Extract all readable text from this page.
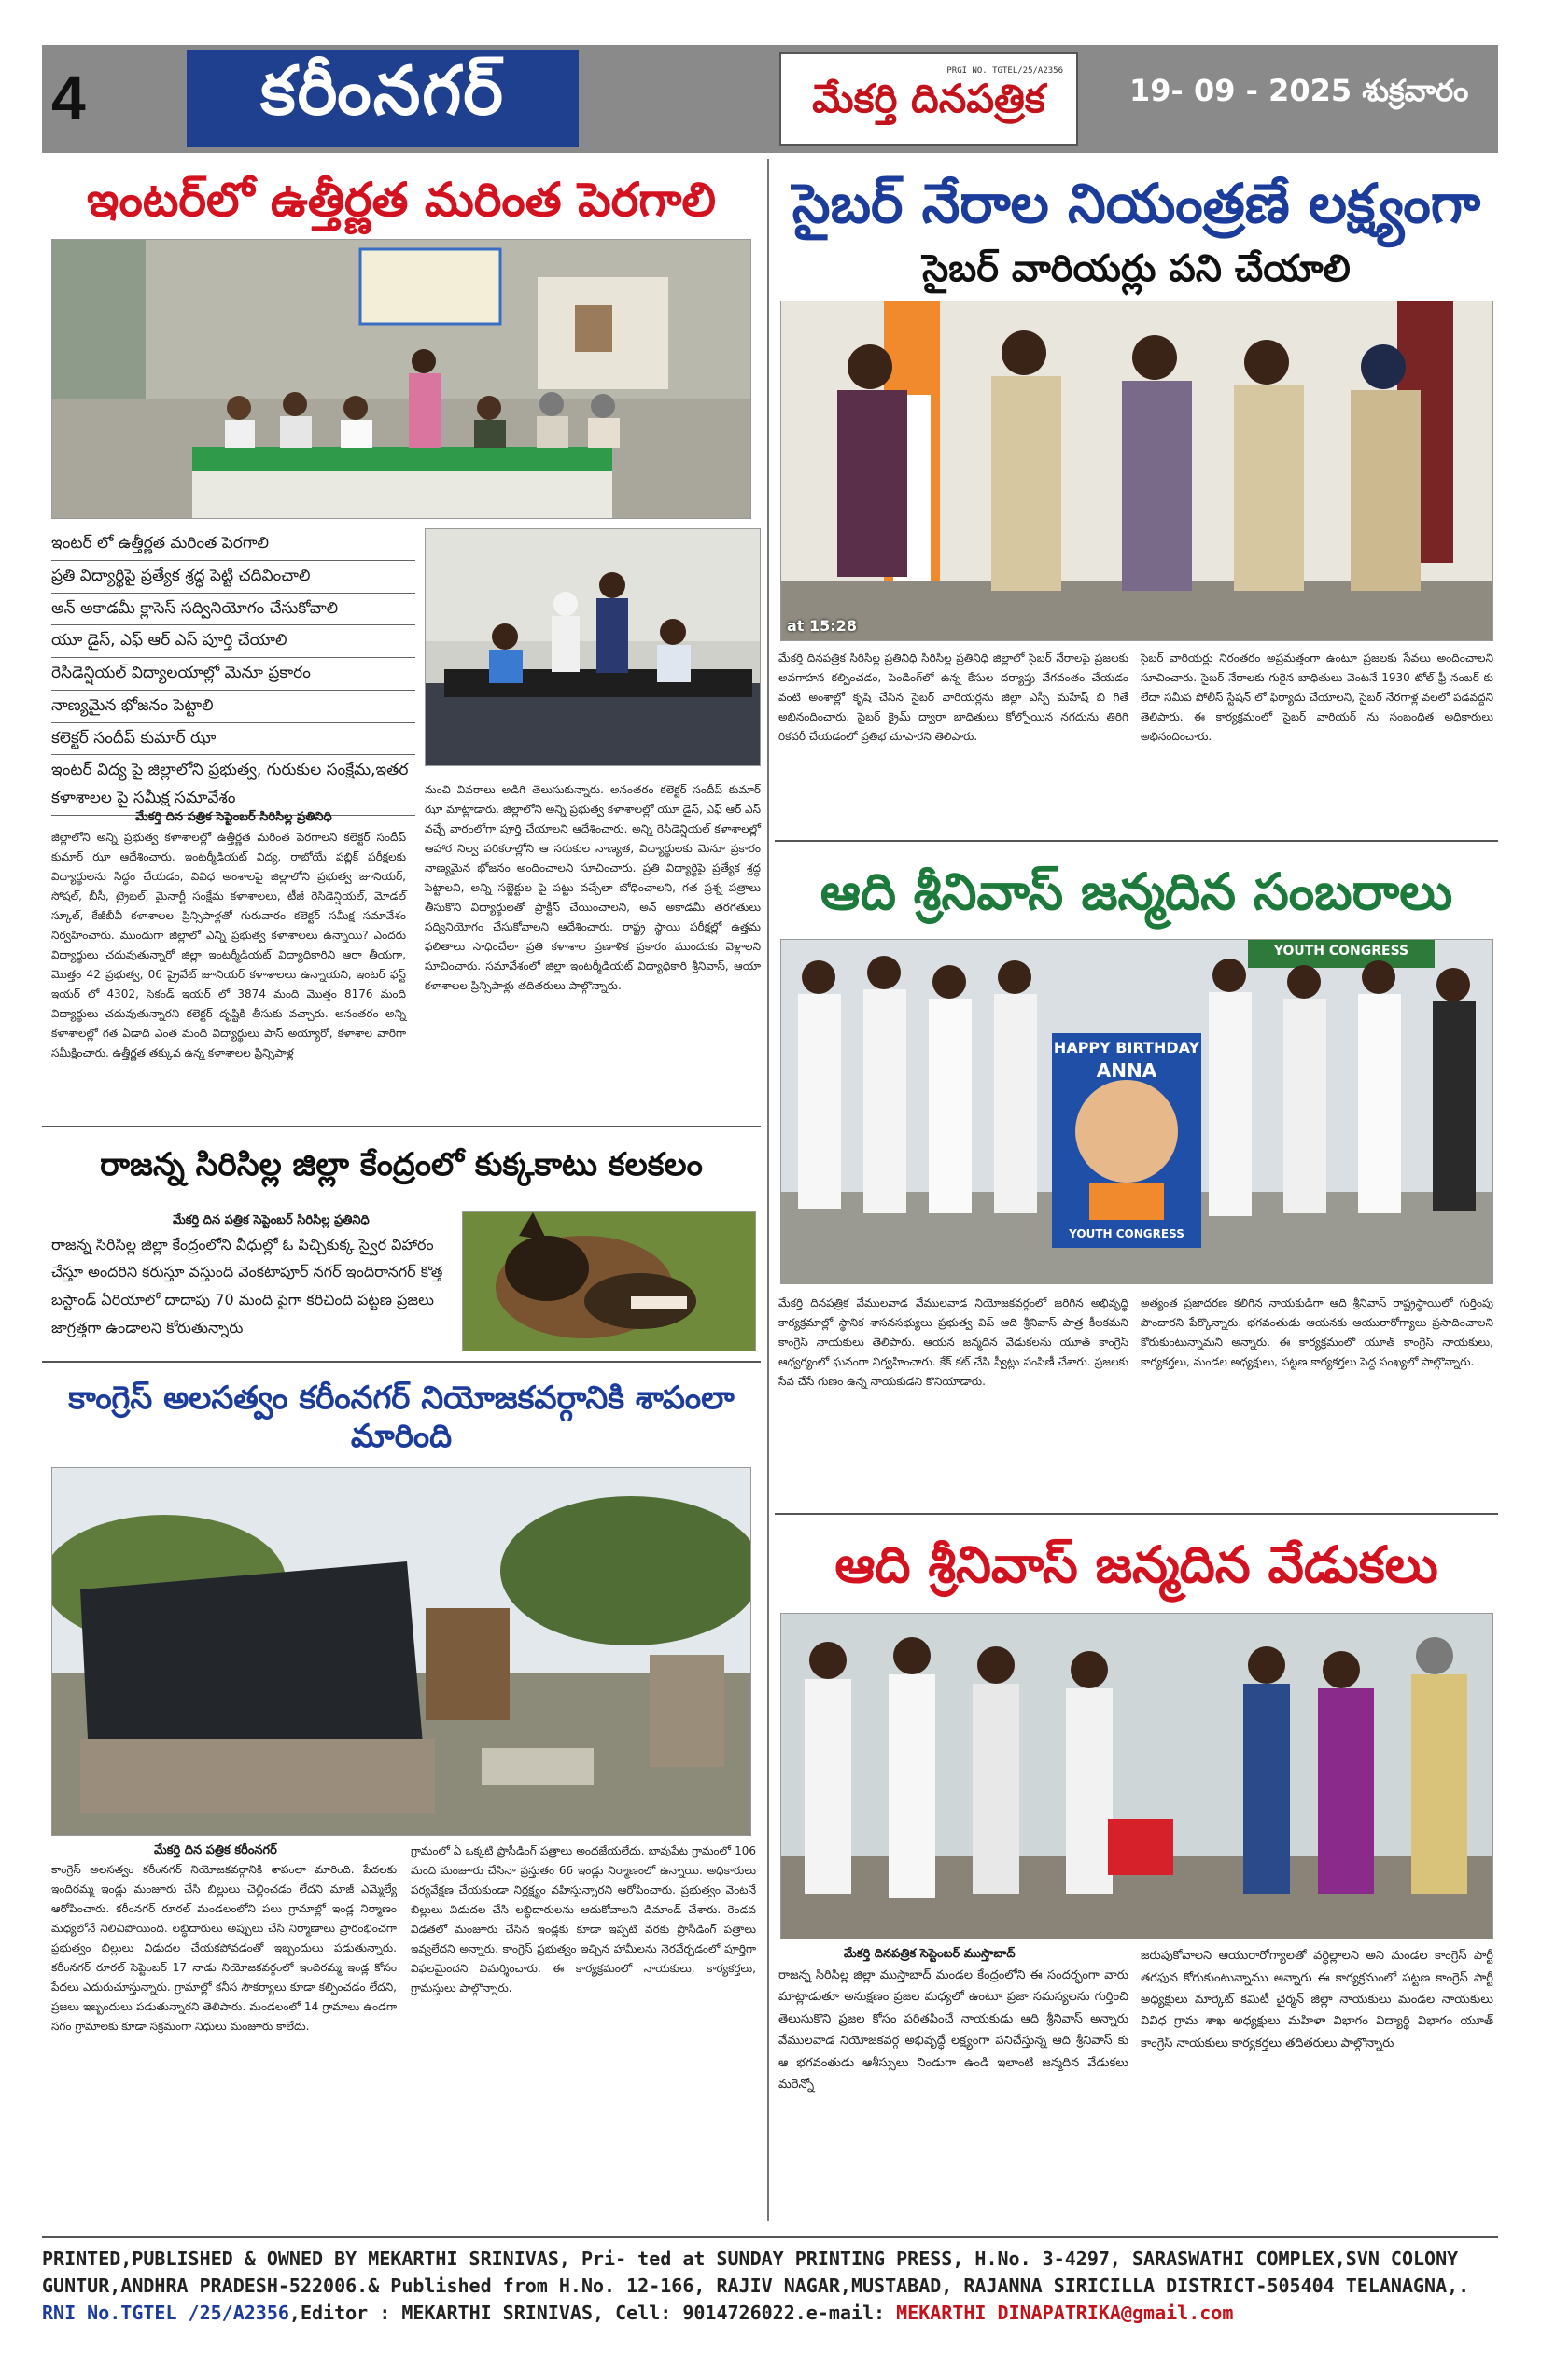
4	కరీంనగర్	PRGI NO. TGTEL/25/A2356
మేకర్తి దినపత్రిక	19- 09 - 2025 శుక్రవారం
ఇంటర్‌లో ఉత్తీర్ణత మరింత పెరగాలి
ఇంటర్ లో ఉత్తీర్ణత మరింత పెరగాలి
ప్రతి విద్యార్థిపై ప్రత్యేక శ్రద్ధ పెట్టి చదివించాలి
అన్ అకాడమీ క్లాసెస్ సద్వినియోగం చేసుకోవాలి
యూ డైస్, ఎఫ్ ఆర్ ఎస్ పూర్తి చేయాలి
రెసిడెన్షియల్ విద్యాలయాల్లో మెనూ ప్రకారం
నాణ్యమైన భోజనం పెట్టాలి
కలెక్టర్ సందీప్ కుమార్ ఝా
ఇంటర్ విద్య పై జిల్లాలోని ప్రభుత్వ, గురుకుల సంక్షేమ,ఇతర కళాశాలల పై సమీక్ష సమావేశం
మేకర్తి దిన పత్రిక సెప్టెంబర్ సిరిసిల్ల ప్రతినిధి
జిల్లాలోని అన్ని ప్రభుత్వ కళాశాలల్లో ఉత్తీర్ణత మరింత పెరగాలని కలెక్టర్ సందీప్ కుమార్ ఝా ఆదేశించారు. ఇంటర్మీడియట్ విద్య, రాబోయే పబ్లిక్ పరీక్షలకు విద్యార్థులను సిద్ధం చేయడం, వివిధ అంశాలపై జిల్లాలోని ప్రభుత్వ జూనియర్, సోషల్, బీసీ, ట్రైబల్, మైనార్టీ సంక్షేమ కళాశాలలు, టీజీ రెసిడెన్షియల్, మోడల్ స్కూల్, కేజీబీవీ కళాశాలల ప్రిన్సిపాళ్లతో గురువారం కలెక్టర్ సమీక్ష సమావేశం నిర్వహించారు. ముందుగా జిల్లాలో ఎన్ని ప్రభుత్వ కళాశాలలు ఉన్నాయి? ఎందరు విద్యార్థులు చదువుతున్నారో జిల్లా ఇంటర్మీడియట్ విద్యాధికారిని ఆరా తీయగా, మొత్తం 42 ప్రభుత్వ, 06 ప్రైవేట్ జూనియర్ కళాశాలలు ఉన్నాయని, ఇంటర్ ఫస్ట్ ఇయర్ లో 4302, సెకండ్ ఇయర్ లో 3874 మంది మొత్తం 8176 మంది విద్యార్థులు చదువుతున్నారని కలెక్టర్ దృష్టికి తీసుకు వచ్చారు. అనంతరం అన్ని కళాశాలల్లో గత ఏడాది ఎంత మంది విద్యార్థులు పాస్ అయ్యారో, కళాశాల వారిగా సమీక్షించారు. ఉత్తీర్ణత తక్కువ ఉన్న కళాశాలల ప్రిన్సిపాళ్ల
నుంచి వివరాలు అడిగి తెలుసుకున్నారు. అనంతరం కలెక్టర్ సందీప్ కుమార్ ఝా మాట్లాడారు. జిల్లాలోని అన్ని ప్రభుత్వ కళాశాలల్లో యూ డైస్, ఎఫ్ ఆర్ ఎస్ వచ్చే వారంలోగా పూర్తి చేయాలని ఆదేశించారు. అన్ని రెసిడెన్షియల్ కళాశాలల్లో ఆహార నిల్వ పరికరాల్లోని ఆ సరుకుల నాణ్యత, విద్యార్థులకు మెనూ ప్రకారం నాణ్యమైన భోజనం అందించాలని సూచించారు. ప్రతి విద్యార్థిపై ప్రత్యేక శ్రద్ధ పెట్టాలని, అన్ని సబ్జెక్టుల పై పట్టు వచ్చేలా బోధించాలని, గత ప్రశ్న పత్రాలు తీసుకొని విద్యార్థులతో ప్రాక్టీస్ చేయించాలని, అన్ అకాడమీ తరగతులు సద్వినియోగం చేసుకోవాలని ఆదేశించారు. రాష్ట్ర స్థాయి పరీక్షల్లో ఉత్తమ ఫలితాలు సాధించేలా ప్రతి కళాశాల ప్రణాళిక ప్రకారం ముందుకు వెళ్లాలని సూచించారు. సమావేశంలో జిల్లా ఇంటర్మీడియట్ విద్యాధికారి శ్రీనివాస్, ఆయా కళాశాలల ప్రిన్సిపాళ్లు తదితరులు పాల్గొన్నారు.
రాజన్న సిరిసిల్ల జిల్లా కేంద్రంలో కుక్కకాటు కలకలం
మేకర్తి దిన పత్రిక సెప్టెంబర్ సిరిసిల్ల ప్రతినిధి
రాజన్న సిరిసిల్ల జిల్లా కేంద్రంలోని వీధుల్లో ఓ పిచ్చికుక్క స్వైర విహారం చేస్తూ అందరిని కరుస్తూ వస్తుంది వెంకటాపూర్ నగర్ ఇందిరానగర్ కొత్త బస్టాండ్ ఏరియాలో దాదాపు 70 మంది పైగా కరిచింది పట్టణ ప్రజలు జాగ్రత్తగా ఉండాలని కోరుతున్నారు
కాంగ్రెస్ అలసత్వం కరీంనగర్ నియోజకవర్గానికి శాపంలా మారింది
మేకర్తి దిన పత్రిక కరీంనగర్
కాంగ్రెస్ అలసత్వం కరీంనగర్ నియోజకవర్గానికి శాపంలా మారింది. పేదలకు ఇందిరమ్మ ఇండ్లు మంజూరు చేసి బిల్లులు చెల్లించడం లేదని మాజీ ఎమ్మెల్యే ఆరోపించారు. కరీంనగర్ రూరల్ మండలంలోని పలు గ్రామాల్లో ఇండ్ల నిర్మాణం మధ్యలోనే నిలిచిపోయింది. లబ్ధిదారులు అప్పులు చేసి నిర్మాణాలు ప్రారంభించగా ప్రభుత్వం బిల్లులు విడుదల చేయకపోవడంతో ఇబ్బందులు పడుతున్నారు. కరీంనగర్ రూరల్ సెప్టెంబర్ 17 నాడు నియోజకవర్గంలో ఇందిరమ్మ ఇండ్ల కోసం పేదలు ఎదురుచూస్తున్నారు. గ్రామాల్లో కనీస సౌకర్యాలు కూడా కల్పించడం లేదని, ప్రజలు ఇబ్బందులు పడుతున్నారని తెలిపారు. మండలంలో 14 గ్రామాలు ఉండగా సగం గ్రామాలకు కూడా సక్రమంగా నిధులు మంజూరు కాలేదు.
గ్రామంలో ఏ ఒక్కటి ప్రొసీడింగ్ పత్రాలు అందజేయలేదు. బావుపేట గ్రామంలో 106 మంది మంజూరు చేసినా ప్రస్తుతం 66 ఇండ్లు నిర్మాణంలో ఉన్నాయి. అధికారులు పర్యవేక్షణ చేయకుండా నిర్లక్ష్యం వహిస్తున్నారని ఆరోపించారు. ప్రభుత్వం వెంటనే బిల్లులు విడుదల చేసి లబ్ధిదారులను ఆదుకోవాలని డిమాండ్ చేశారు. రెండవ విడతలో మంజూరు చేసిన ఇండ్లకు కూడా ఇప్పటి వరకు ప్రొసీడింగ్ పత్రాలు ఇవ్వలేదని అన్నారు. కాంగ్రెస్ ప్రభుత్వం ఇచ్చిన హామీలను నెరవేర్చడంలో పూర్తిగా విఫలమైందని విమర్శించారు. ఈ కార్యక్రమంలో నాయకులు, కార్యకర్తలు, గ్రామస్తులు పాల్గొన్నారు.
సైబర్ నేరాల నియంత్రణే లక్ష్యంగా
సైబర్ వారియర్లు పని చేయాలి
at 15:28
మేకర్తి దినపత్రిక సిరిసిల్ల ప్రతినిధి సిరిసిల్ల ప్రతినిధి జిల్లాలో సైబర్ నేరాలపై ప్రజలకు అవగాహన కల్పించడం, పెండింగ్‌లో ఉన్న కేసుల దర్యాప్తు వేగవంతం చేయడం వంటి అంశాల్లో కృషి చేసిన సైబర్ వారియర్లను జిల్లా ఎస్పీ మహేష్ బి గితే అభినందించారు. సైబర్ క్రైమ్ ద్వారా బాధితులు కోల్పోయిన నగదును తిరిగి రికవరీ చేయడంలో ప్రతిభ చూపారని తెలిపారు.
సైబర్ వారియర్లు నిరంతరం అప్రమత్తంగా ఉంటూ ప్రజలకు సేవలు అందించాలని సూచించారు. సైబర్ నేరాలకు గురైన బాధితులు వెంటనే 1930 టోల్ ఫ్రీ నంబర్ కు లేదా సమీప పోలీస్ స్టేషన్ లో ఫిర్యాదు చేయాలని, సైబర్ నేరగాళ్ల వలలో పడవద్దని తెలిపారు. ఈ కార్యక్రమంలో సైబర్ వారియర్ ను సంబంధిత అధికారులు అభినందించారు.
ఆది శ్రీనివాస్ జన్మదిన సంబరాలు
YOUTH CONGRESS
HAPPY BIRTHDAY
ANNA
YOUTH CONGRESS
మేకర్తి దినపత్రిక వేములవాడ వేములవాడ నియోజకవర్గంలో జరిగిన అభివృద్ధి కార్యక్రమాల్లో స్థానిక శాసనసభ్యులు ప్రభుత్వ విప్ ఆది శ్రీనివాస్ పాత్ర కీలకమని కాంగ్రెస్ నాయకులు తెలిపారు. ఆయన జన్మదిన వేడుకలను యూత్ కాంగ్రెస్ ఆధ్వర్యంలో ఘనంగా నిర్వహించారు. కేక్ కట్ చేసి స్వీట్లు పంపిణీ చేశారు. ప్రజలకు సేవ చేసే గుణం ఉన్న నాయకుడని కొనియాడారు.
అత్యంత ప్రజాదరణ కలిగిన నాయకుడిగా ఆది శ్రీనివాస్ రాష్ట్రస్థాయిలో గుర్తింపు పొందారని పేర్కొన్నారు. భగవంతుడు ఆయనకు ఆయురారోగ్యాలు ప్రసాదించాలని కోరుకుంటున్నామని అన్నారు. ఈ కార్యక్రమంలో యూత్ కాంగ్రెస్ నాయకులు, కార్యకర్తలు, మండల అధ్యక్షులు, పట్టణ కార్యకర్తలు పెద్ద సంఖ్యలో పాల్గొన్నారు.
ఆది శ్రీనివాస్ జన్మదిన వేడుకలు
మేకర్తి దినపత్రిక సెప్టెంబర్ ముస్తాబాద్
రాజన్న సిరిసిల్ల జిల్లా ముస్తాబాద్ మండల కేంద్రంలోని ఈ సందర్భంగా వారు మాట్లాడుతూ అనుక్షణం ప్రజల మధ్యలో ఉంటూ ప్రజా సమస్యలను గుర్తించి తెలుసుకొని ప్రజల కోసం పరితపించే నాయకుడు ఆది శ్రీనివాస్ అన్నారు వేములవాడ నియోజకవర్గ అభివృద్ధే లక్ష్యంగా పనిచేస్తున్న ఆది శ్రీనివాస్ కు ఆ భగవంతుడు ఆశీస్సులు నిండుగా ఉండి ఇలాంటి జన్మదిన వేడుకలు మరెన్నో
జరుపుకోవాలని ఆయురారోగ్యాలతో వర్ధిల్లాలని అని మండల కాంగ్రెస్ పార్టీ తరఫున కోరుకుంటున్నాము అన్నారు ఈ కార్యక్రమంలో పట్టణ కాంగ్రెస్ పార్టీ అధ్యక్షులు మార్కెట్ కమిటీ చైర్మన్ జిల్లా నాయకులు మండల నాయకులు వివిధ గ్రామ శాఖ అధ్యక్షులు మహిళా విభాగం విద్యార్థి విభాగం యూత్ కాంగ్రెస్ నాయకులు కార్యకర్తలు తదితరులు పాల్గొన్నారు
PRINTED,PUBLISHED & OWNED BY MEKARTHI SRINIVAS, Pri- ted at SUNDAY PRINTING PRESS, H.No. 3-4297, SARASWATHI COMPLEX,SVN COLONY
GUNTUR,ANDHRA PRADESH-522006.& Published from H.No. 12-166, RAJIV NAGAR,MUSTABAD, RAJANNA SIRICILLA DISTRICT-505404 TELANAGNA,.
RNI No.TGTEL /25/A2356,Editor : MEKARTHI SRINIVAS, Cell: 9014726022.e-mail: MEKARTHI DINAPATRIKA@gmail.com
